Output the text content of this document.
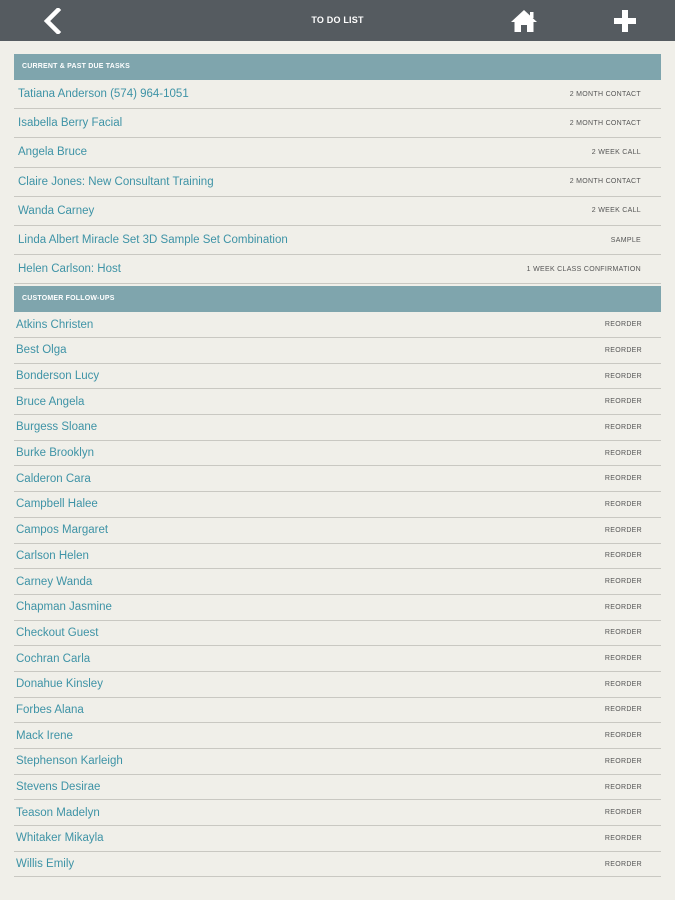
TO DO LIST
CURRENT & PAST DUE TASKS
Tatiana Anderson (574) 964-1051	2 MONTH CONTACT
Isabella Berry Facial	2 MONTH CONTACT
Angela Bruce	2 WEEK CALL
Claire Jones: New Consultant Training	2 MONTH CONTACT
Wanda Carney	2 WEEK CALL
Linda Albert Miracle Set 3D Sample Set Combination	SAMPLE
Helen Carlson: Host	1 WEEK CLASS CONFIRMATION
CUSTOMER FOLLOW-UPS
Atkins Christen	REORDER
Best Olga	REORDER
Bonderson Lucy	REORDER
Bruce Angela	REORDER
Burgess Sloane	REORDER
Burke Brooklyn	REORDER
Calderon Cara	REORDER
Campbell Halee	REORDER
Campos Margaret	REORDER
Carlson Helen	REORDER
Carney Wanda	REORDER
Chapman Jasmine	REORDER
Checkout Guest	REORDER
Cochran Carla	REORDER
Donahue Kinsley	REORDER
Forbes Alana	REORDER
Mack Irene	REORDER
Stephenson Karleigh	REORDER
Stevens Desirae	REORDER
Teason Madelyn	REORDER
Whitaker Mikayla	REORDER
Willis Emily	REORDER
